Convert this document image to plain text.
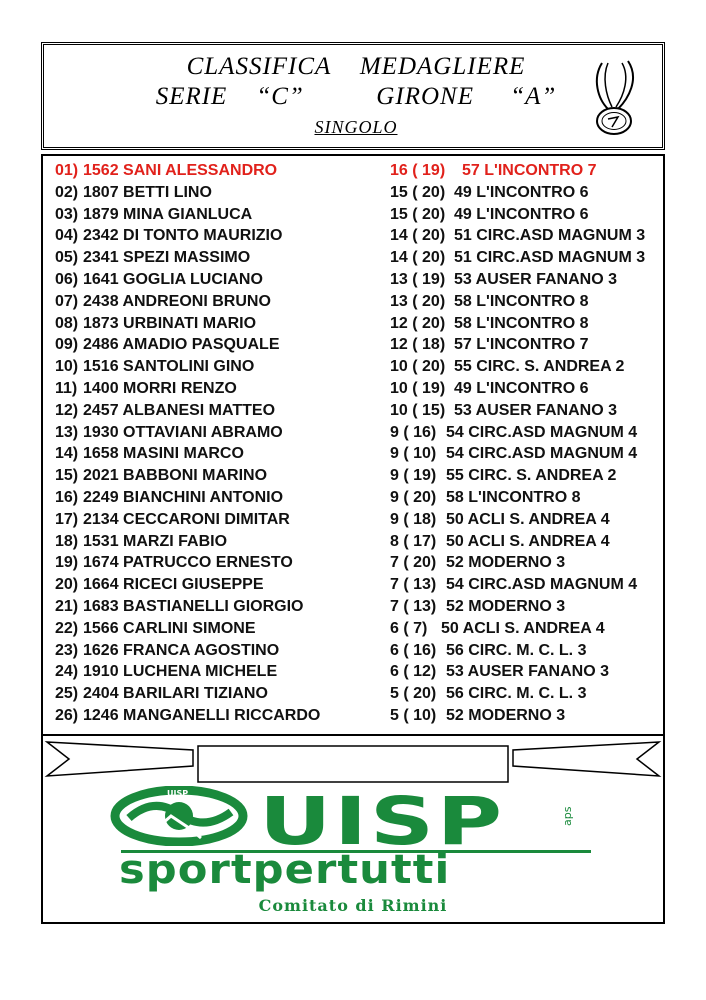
CLASSIFICA    MEDAGLIERE
SERIE    “C”          GIRONE     “A”
SINGOLO
01) 1562 SANI ALESSANDRO	16 ( 19) 57 L'INCONTRO 7
02) 1807 BETTI LINO	15 ( 20) 49 L'INCONTRO 6
03) 1879 MINA GIANLUCA	15 ( 20) 49 L'INCONTRO 6
04) 2342 DI TONTO MAURIZIO	14 ( 20) 51 CIRC.ASD MAGNUM 3
05) 2341 SPEZI MASSIMO	14 ( 20) 51 CIRC.ASD MAGNUM 3
06) 1641 GOGLIA LUCIANO	13 ( 19) 53 AUSER FANANO 3
07) 2438 ANDREONI BRUNO	13 ( 20) 58 L'INCONTRO 8
08) 1873 URBINATI MARIO	12 ( 20) 58 L'INCONTRO 8
09) 2486 AMADIO PASQUALE	12 ( 18) 57 L'INCONTRO 7
10) 1516 SANTOLINI GINO	10 ( 20) 55 CIRC. S. ANDREA 2
11) 1400 MORRI RENZO	10 ( 19) 49 L'INCONTRO 6
12) 2457 ALBANESI MATTEO	10 ( 15) 53 AUSER FANANO 3
13) 1930 OTTAVIANI ABRAMO	9 ( 16) 54 CIRC.ASD MAGNUM 4
14) 1658 MASINI MARCO	9 ( 10) 54 CIRC.ASD MAGNUM 4
15) 2021 BABBONI MARINO	9 ( 19) 55 CIRC. S. ANDREA 2
16) 2249 BIANCHINI ANTONIO	9 ( 20) 58 L'INCONTRO 8
17) 2134 CECCARONI DIMITAR	9 ( 18) 50 ACLI S. ANDREA 4
18) 1531 MARZI FABIO	8 ( 17) 50 ACLI S. ANDREA 4
19) 1674 PATRUCCO ERNESTO	7 ( 20) 52 MODERNO 3
20) 1664 RICECI GIUSEPPE	7 ( 13) 54 CIRC.ASD MAGNUM 4
21) 1683 BASTIANELLI GIORGIO	7 ( 13) 52 MODERNO 3
22) 1566 CARLINI SIMONE	6 ( 7) 50 ACLI S. ANDREA 4
23) 1626 FRANCA AGOSTINO	6 ( 16) 56 CIRC. M. C. L. 3
24) 1910 LUCHENA MICHELE	6 ( 12) 53 AUSER FANANO 3
25) 2404 BARILARI TIZIANO	5 ( 20) 56 CIRC. M. C. L. 3
26) 1246 MANGANELLI RICCARDO	5 ( 10) 52 MODERNO 3
UISP UISP	aps
sportpertutti
Comitato di Rimini
